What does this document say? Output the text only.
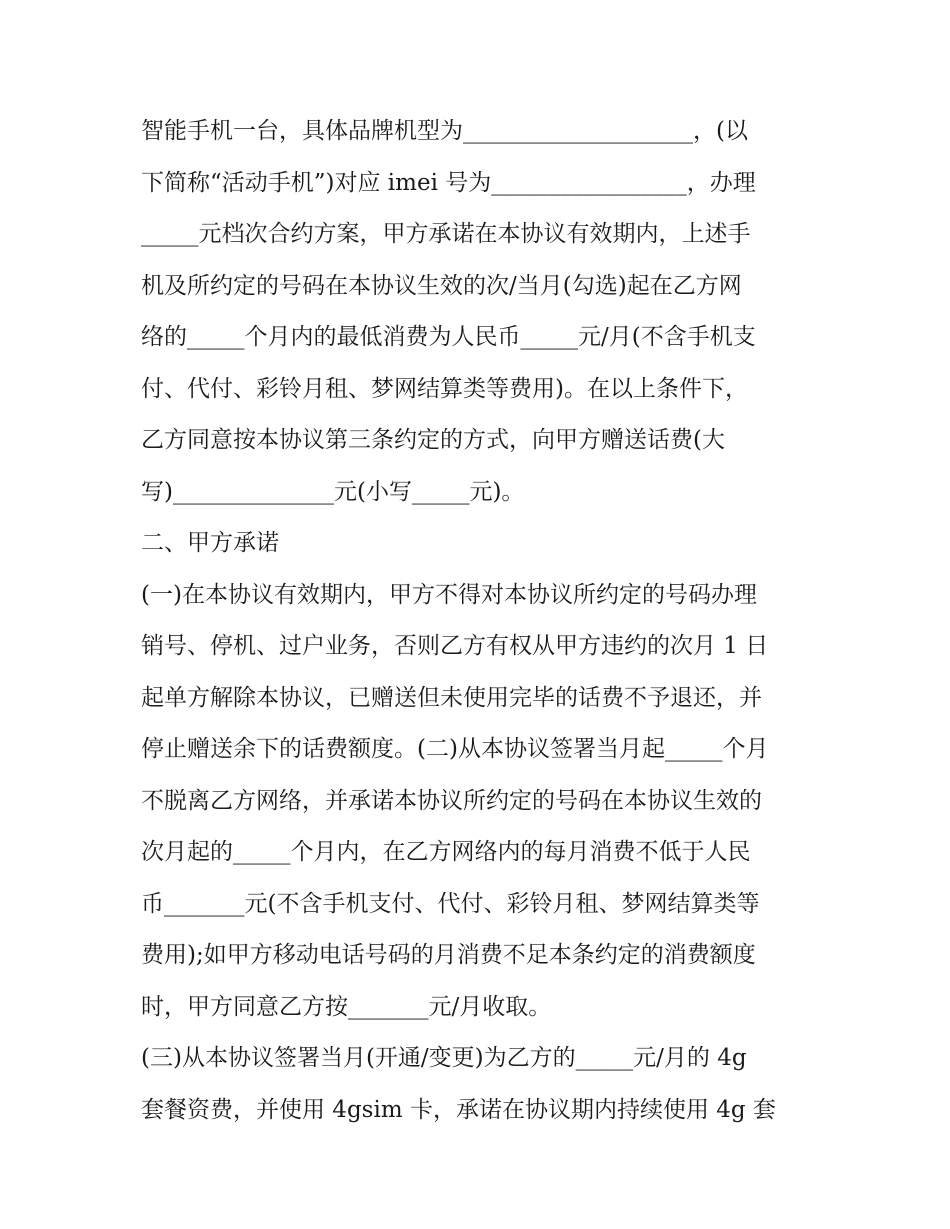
智能手机一台，具体品牌机型为____________________，(以

下简称“活动手机”)对应 imei 号为_________________，办理

_____元档次合约方案，甲方承诺在本协议有效期内，上述手

机及所约定的号码在本协议生效的次/当月(勾选)起在乙方网

络的_____个月内的最低消费为人民币_____元/月(不含手机支

付、代付、彩铃月租、梦网结算类等费用)。在以上条件下，

乙方同意按本协议第三条约定的方式，向甲方赠送话费(大

写)______________元(小写_____元)。

二、甲方承诺

(一)在本协议有效期内，甲方不得对本协议所约定的号码办理

销号、停机、过户业务，否则乙方有权从甲方违约的次月 1 日

起单方解除本协议，已赠送但未使用完毕的话费不予退还，并

停止赠送余下的话费额度。(二)从本协议签署当月起_____个月

不脱离乙方网络，并承诺本协议所约定的号码在本协议生效的

次月起的_____个月内，在乙方网络内的每月消费不低于人民

币_______元(不含手机支付、代付、彩铃月租、梦网结算类等

费用);如甲方移动电话号码的月消费不足本条约定的消费额度

时，甲方同意乙方按_______元/月收取。

(三)从本协议签署当月(开通/变更)为乙方的_____元/月的 4g

套餐资费，并使用 4gsim 卡，承诺在协议期内持续使用 4g 套
